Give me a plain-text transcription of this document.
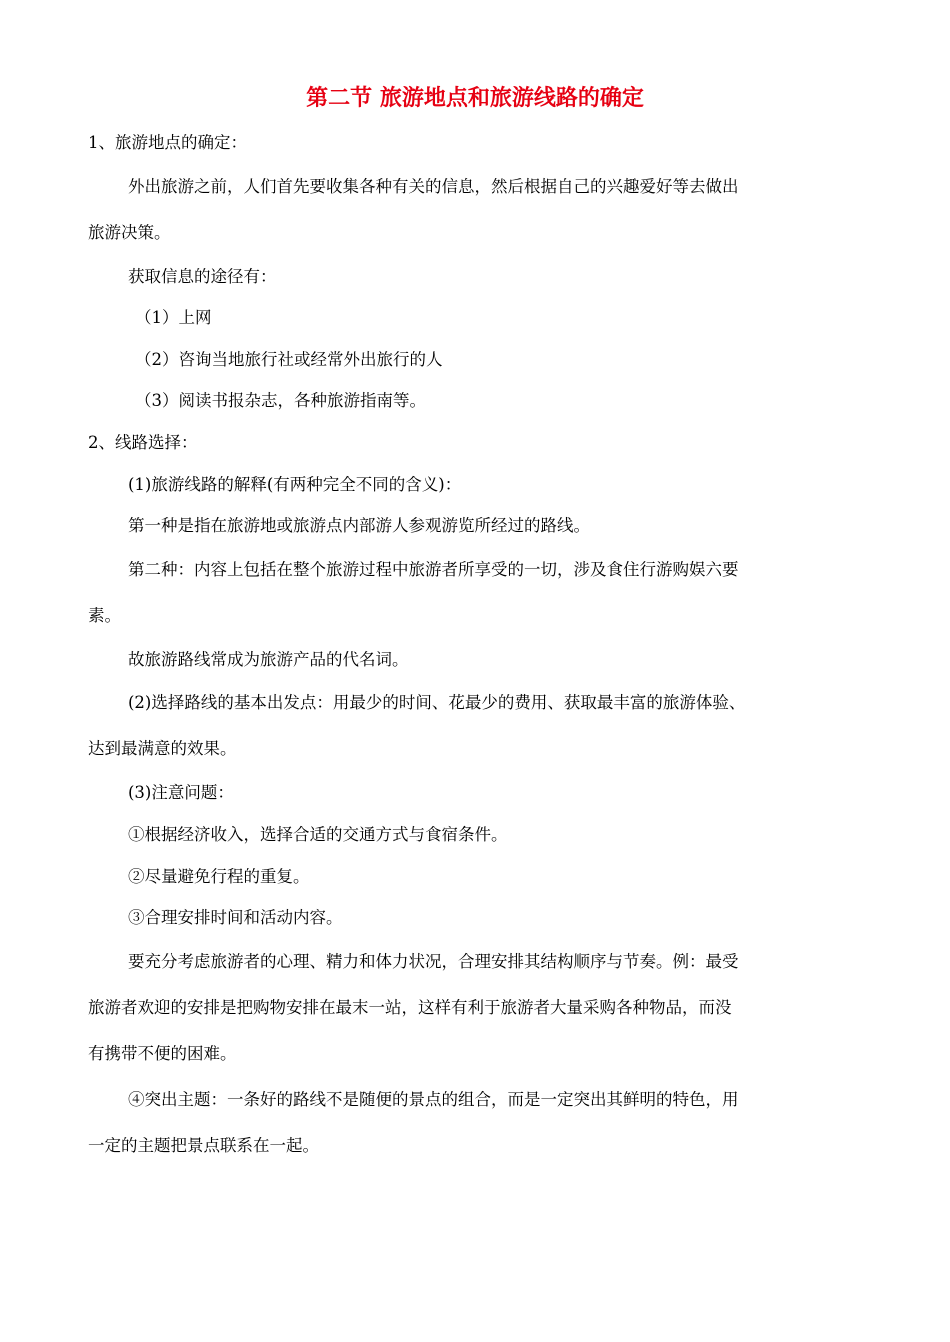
第二节 旅游地点和旅游线路的确定
1、旅游地点的确定：
外出旅游之前，人们首先要收集各种有关的信息，然后根据自己的兴趣爱好等去做出
旅游决策。
获取信息的途径有：
（1）上网
（2）咨询当地旅行社或经常外出旅行的人
（3）阅读书报杂志，各种旅游指南等。
2、线路选择：
(1)旅游线路的解释(有两种完全不同的含义)：
第一种是指在旅游地或旅游点内部游人参观游览所经过的路线。
第二种：内容上包括在整个旅游过程中旅游者所享受的一切，涉及食住行游购娱六要
素。
故旅游路线常成为旅游产品的代名词。
(2)选择路线的基本出发点：用最少的时间、花最少的费用、获取最丰富的旅游体验、
达到最满意的效果。
(3)注意问题：
①根据经济收入，选择合适的交通方式与食宿条件。
②尽量避免行程的重复。
③合理安排时间和活动内容。
要充分考虑旅游者的心理、精力和体力状况，合理安排其结构顺序与节奏。例：最受
旅游者欢迎的安排是把购物安排在最末一站，这样有利于旅游者大量采购各种物品，而没
有携带不便的困难。
④突出主题：一条好的路线不是随便的景点的组合，而是一定突出其鲜明的特色，用
一定的主题把景点联系在一起。
